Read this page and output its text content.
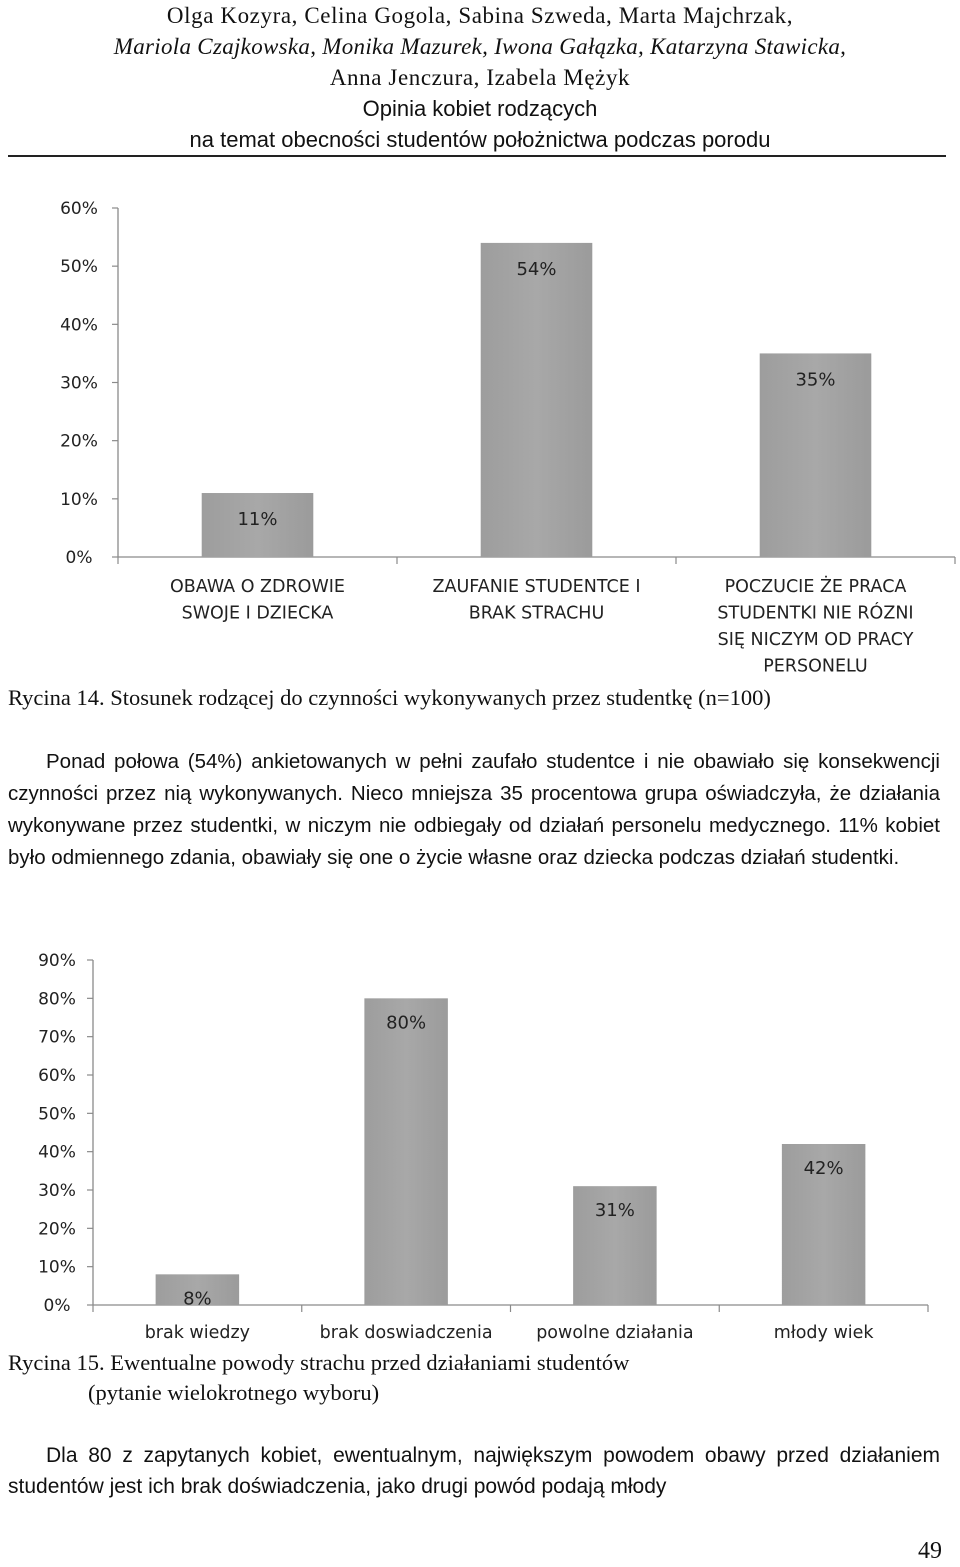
Olga Kozyra, Celina Gogola, Sabina Szweda, Marta Majchrzak,
Mariola Czajkowska, Monika Mazurek, Iwona Gałązka, Katarzyna Stawicka,
Anna Jenczura, Izabela Mężyk
Opinia kobiet rodzących
na temat obecności studentów położnictwa podczas porodu
0%
10%
20%
30%
40%
50%
60%
11%
OBAWA O ZDROWIE
SWOJE I DZIECKA
54%
ZAUFANIE STUDENTCE I
BRAK STRACHU
35%
POCZUCIE ŻE PRACA
STUDENTKI NIE RÓZNI
SIĘ NICZYM OD PRACY
PERSONELU
Rycina 14. Stosunek rodzącej do czynności wykonywanych przez studentkę (n=100)
Ponad połowa (54%) ankietowanych w pełni zaufało studentce i nie obawiało się konsekwencji czynności przez nią wykonywanych. Nieco mniejsza 35 procentowa grupa oświadczyła, że działania wykonywane przez studentki, w niczym nie odbiegały od działań personelu medycznego. 11% kobiet było odmiennego zdania, obawiały się one o życie własne oraz dziecka podczas działań studentki.
0%
10%
20%
30%
40%
50%
60%
70%
80%
90%
8%
brak wiedzy
80%
brak doswiadczenia
31%
powolne działania
42%
młody wiek
Rycina 15. Ewentualne powody strachu przed działaniami studentów
(pytanie wielokrotnego wyboru)
Dla 80 z zapytanych kobiet, ewentualnym, największym powodem obawy przed działaniem studentów jest ich brak doświadczenia, jako drugi powód podają młody
49
